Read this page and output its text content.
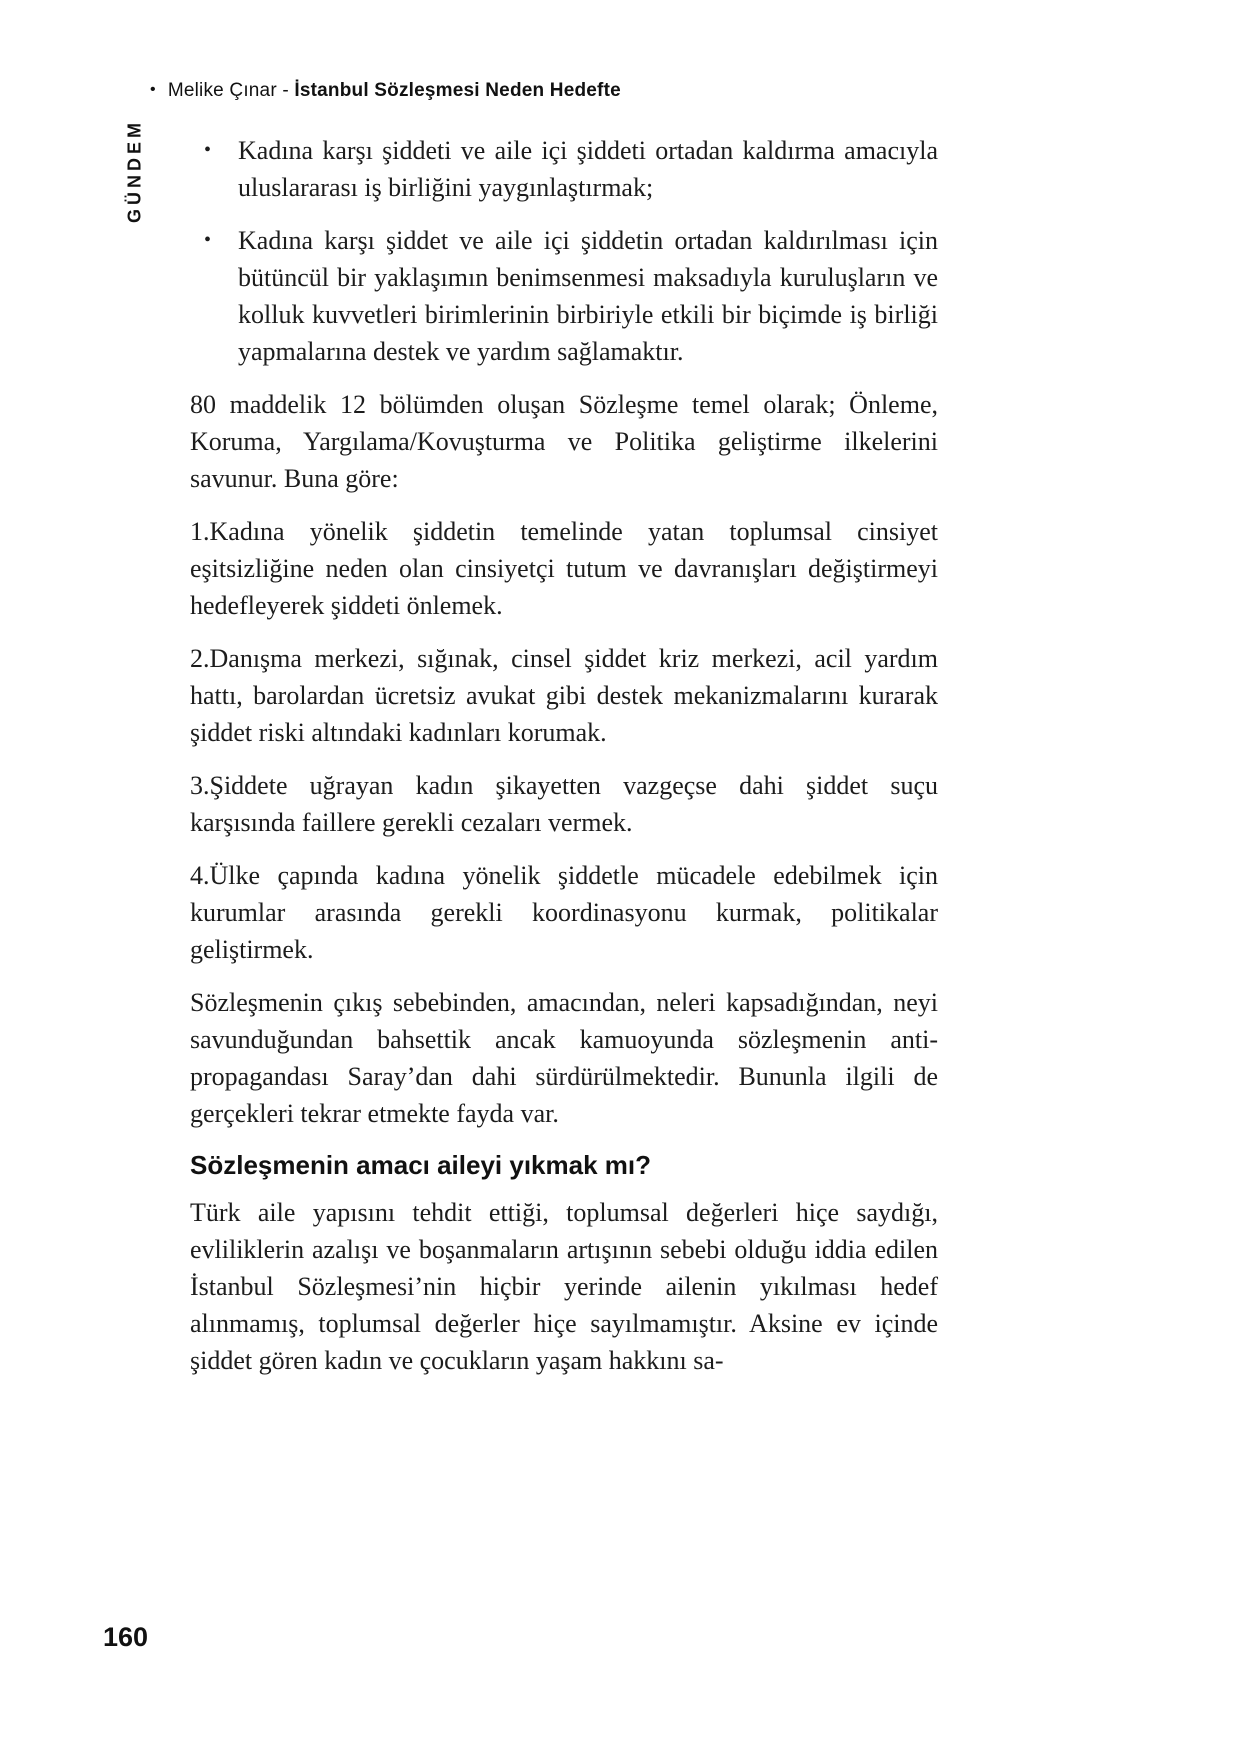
• Melike Çınar - İstanbul Sözleşmesi Neden Hedefte
GÜNDEM	•	Kadına karşı şiddeti ve aile içi şiddeti ortadan kaldırma amacıyla uluslararası iş birliğini yaygınlaştırmak;
•	Kadına karşı şiddet ve aile içi şiddetin ortadan kaldırılması için bütüncül bir yaklaşımın benimsenmesi maksadıyla kuruluşların ve kolluk kuvvetleri birimlerinin birbiriyle etkili bir biçimde iş birliği yapmalarına destek ve yardım sağlamaktır.

80 maddelik 12 bölümden oluşan Sözleşme temel olarak; Önleme, Koruma, Yargılama/Kovuşturma ve Politika geliştirme ilkelerini savunur. Buna göre:

1.Kadına yönelik şiddetin temelinde yatan toplumsal cinsiyet eşitsizliğine neden olan cinsiyetçi tutum ve davranışları değiştirmeyi hedefleyerek şiddeti önlemek.

2.Danışma merkezi, sığınak, cinsel şiddet kriz merkezi, acil yardım hattı, barolardan ücretsiz avukat gibi destek mekanizmalarını kurarak şiddet riski altındaki kadınları korumak.

3.Şiddete uğrayan kadın şikayetten vazgeçse dahi şiddet suçu karşısında faillere gerekli cezaları vermek.

4.Ülke çapında kadına yönelik şiddetle mücadele edebilmek için kurumlar arasında gerekli koordinasyonu kurmak, politikalar geliştirmek.

Sözleşmenin çıkış sebebinden, amacından, neleri kapsadığından, neyi savunduğundan bahsettik ancak kamuoyunda sözleşmenin anti-propagandası Saray’dan dahi sürdürülmektedir. Bununla ilgili de gerçekleri tekrar etmekte fayda var.

Sözleşmenin amacı aileyi yıkmak mı?

Türk aile yapısını tehdit ettiği, toplumsal değerleri hiçe saydığı, evliliklerin azalışı ve boşanmaların artışının sebebi olduğu iddia edilen İstanbul Sözleşmesi’nin hiçbir yerinde ailenin yıkılması hedef alınmamış, toplumsal değerler hiçe sayılmamıştır. Aksine ev içinde şiddet gören kadın ve çocukların yaşam hakkını sa-

160
